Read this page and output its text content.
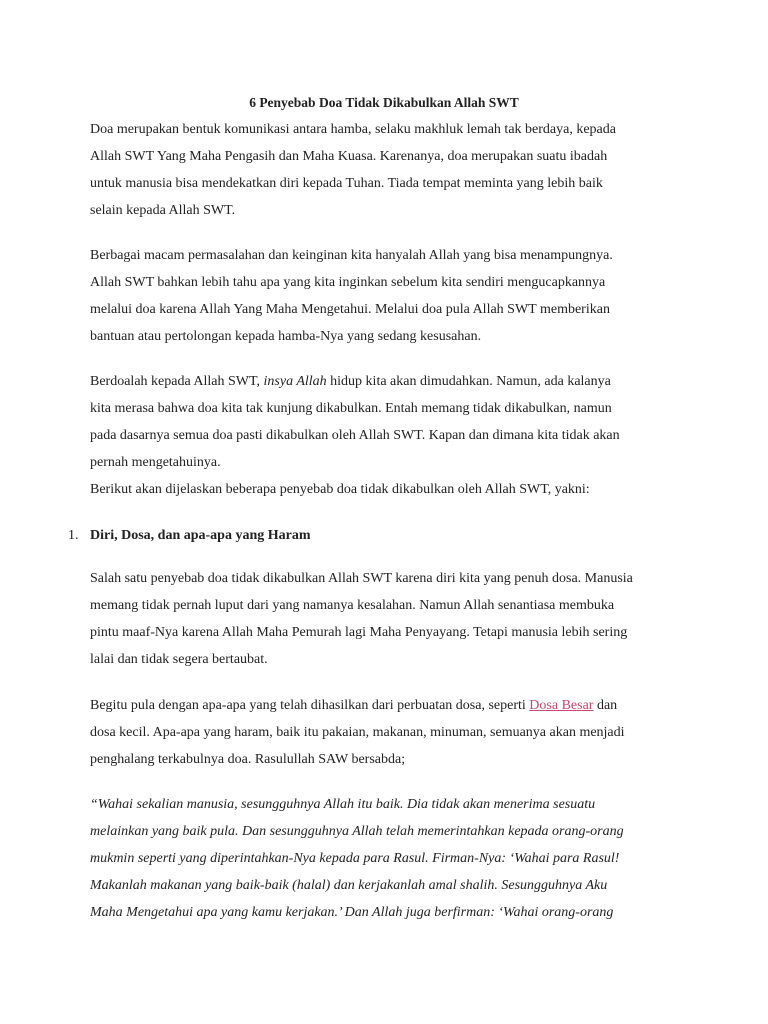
6 Penyebab Doa Tidak Dikabulkan Allah SWT
Doa merupakan bentuk komunikasi antara hamba, selaku makhluk lemah tak berdaya, kepada
Allah SWT Yang Maha Pengasih dan Maha Kuasa. Karenanya, doa merupakan suatu ibadah
untuk manusia bisa mendekatkan diri kepada Tuhan. Tiada tempat meminta yang lebih baik
selain kepada Allah SWT.
Berbagai macam permasalahan dan keinginan kita hanyalah Allah yang bisa menampungnya.
Allah SWT bahkan lebih tahu apa yang kita inginkan sebelum kita sendiri mengucapkannya
melalui doa karena Allah Yang Maha Mengetahui. Melalui doa pula Allah SWT memberikan
bantuan atau pertolongan kepada hamba-Nya yang sedang kesusahan.
Berdoalah kepada Allah SWT, insya Allah hidup kita akan dimudahkan. Namun, ada kalanya
kita merasa bahwa doa kita tak kunjung dikabulkan. Entah memang tidak dikabulkan, namun
pada dasarnya semua doa pasti dikabulkan oleh Allah SWT. Kapan dan dimana kita tidak akan
pernah mengetahuinya.
Berikut akan dijelaskan beberapa penyebab doa tidak dikabulkan oleh Allah SWT, yakni:
1. Diri, Dosa, dan apa-apa yang Haram
Salah satu penyebab doa tidak dikabulkan Allah SWT karena diri kita yang penuh dosa. Manusia
memang tidak pernah luput dari yang namanya kesalahan. Namun Allah senantiasa membuka
pintu maaf-Nya karena Allah Maha Pemurah lagi Maha Penyayang. Tetapi manusia lebih sering
lalai dan tidak segera bertaubat.
Begitu pula dengan apa-apa yang telah dihasilkan dari perbuatan dosa, seperti Dosa Besar dan
dosa kecil. Apa-apa yang haram, baik itu pakaian, makanan, minuman, semuanya akan menjadi
penghalang terkabulnya doa. Rasulullah SAW bersabda;
“Wahai sekalian manusia, sesungguhnya Allah itu baik. Dia tidak akan menerima sesuatu
melainkan yang baik pula. Dan sesungguhnya Allah telah memerintahkan kepada orang-orang
mukmin seperti yang diperintahkan-Nya kepada para Rasul. Firman-Nya: ‘Wahai para Rasul!
Makanlah makanan yang baik-baik (halal) dan kerjakanlah amal shalih. Sesungguhnya Aku
Maha Mengetahui apa yang kamu kerjakan.’ Dan Allah juga berfirman: ‘Wahai orang-orang
